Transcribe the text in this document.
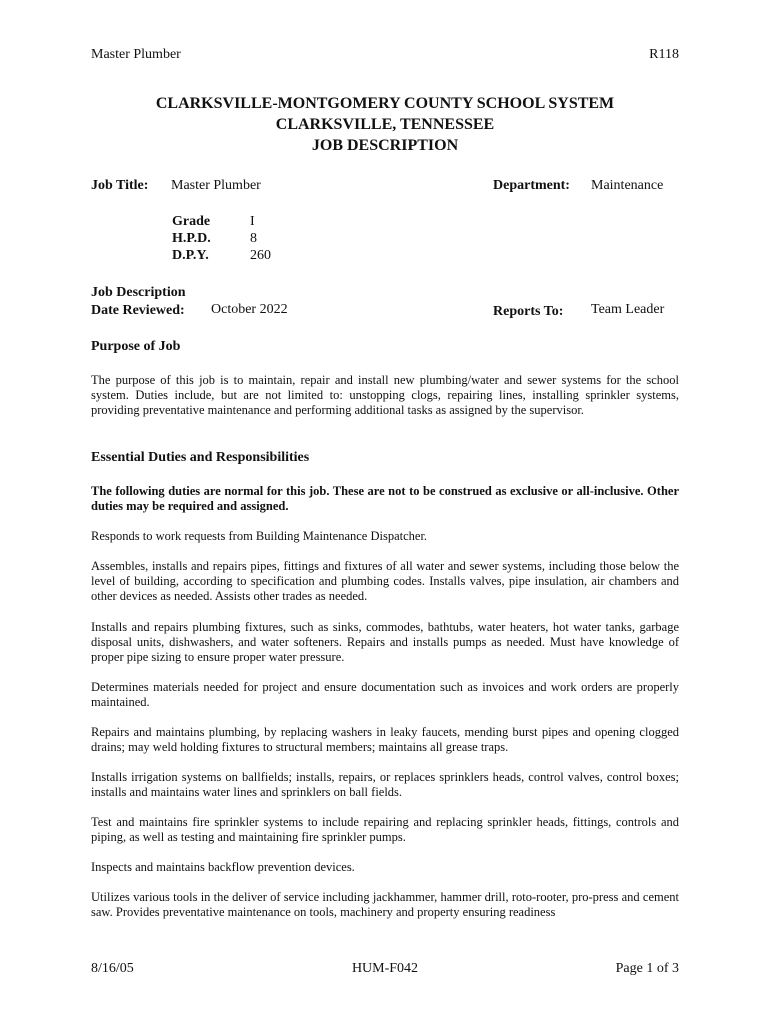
Master Plumber	R118
CLARKSVILLE-MONTGOMERY COUNTY SCHOOL SYSTEM
CLARKSVILLE, TENNESSEE
JOB DESCRIPTION
Job Title: Master Plumber	Department: Maintenance
Grade	I
H.P.D.	8
D.P.Y.	260
Job Description
Date Reviewed: October 2022	Reports To: Team Leader
Purpose of Job
The purpose of this job is to maintain, repair and install new plumbing/water and sewer systems for the school system. Duties include, but are not limited to: unstopping clogs, repairing lines, installing sprinkler systems, providing preventative maintenance and performing additional tasks as assigned by the supervisor.
Essential Duties and Responsibilities
The following duties are normal for this job. These are not to be construed as exclusive or all-inclusive. Other duties may be required and assigned.
Responds to work requests from Building Maintenance Dispatcher.
Assembles, installs and repairs pipes, fittings and fixtures of all water and sewer systems, including those below the level of building, according to specification and plumbing codes. Installs valves, pipe insulation, air chambers and other devices as needed. Assists other trades as needed.
Installs and repairs plumbing fixtures, such as sinks, commodes, bathtubs, water heaters, hot water tanks, garbage disposal units, dishwashers, and water softeners. Repairs and installs pumps as needed. Must have knowledge of proper pipe sizing to ensure proper water pressure.
Determines materials needed for project and ensure documentation such as invoices and work orders are properly maintained.
Repairs and maintains plumbing, by replacing washers in leaky faucets, mending burst pipes and opening clogged drains; may weld holding fixtures to structural members; maintains all grease traps.
Installs irrigation systems on ballfields; installs, repairs, or replaces sprinklers heads, control valves, control boxes; installs and maintains water lines and sprinklers on ball fields.
Test and maintains fire sprinkler systems to include repairing and replacing sprinkler heads, fittings, controls and piping, as well as testing and maintaining fire sprinkler pumps.
Inspects and maintains backflow prevention devices.
Utilizes various tools in the deliver of service including jackhammer, hammer drill, roto-rooter, pro-press and cement saw. Provides preventative maintenance on tools, machinery and property ensuring readiness
8/16/05	HUM-F042	Page 1 of 3
